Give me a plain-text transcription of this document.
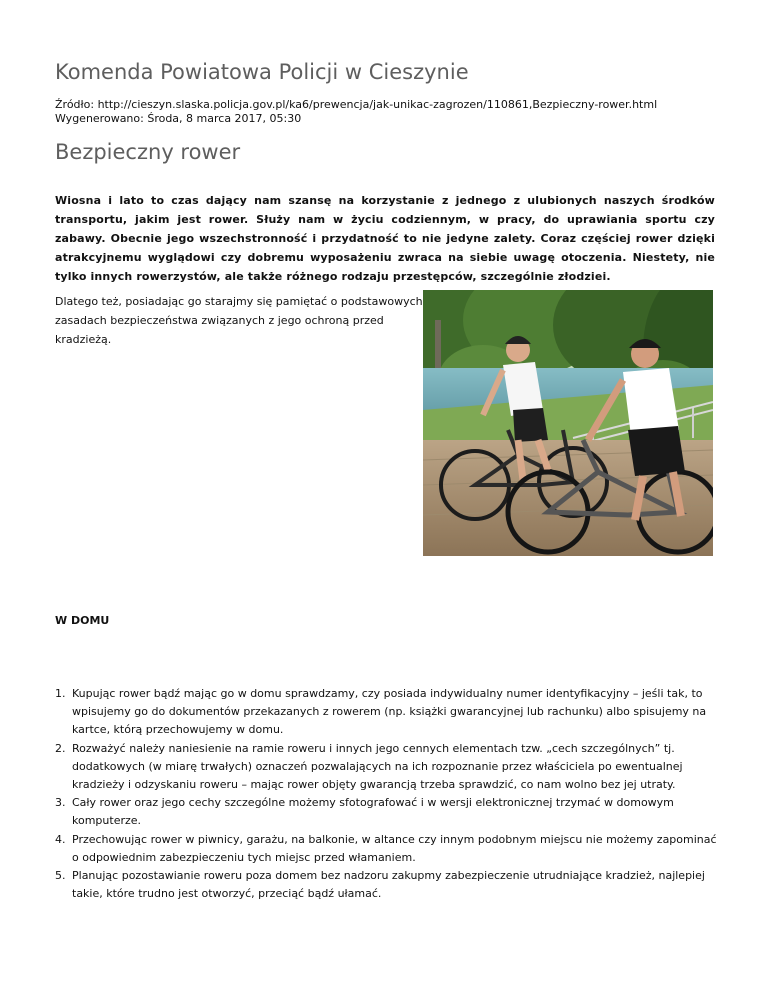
Komenda Powiatowa Policji w Cieszynie
Źródło: http://cieszyn.slaska.policja.gov.pl/ka6/prewencja/jak-unikac-zagrozen/110861,Bezpieczny-rower.html
Wygenerowano: Środa, 8 marca 2017, 05:30
Bezpieczny rower

Wiosna i lato to czas dający nam szansę na korzystanie z jednego z ulubionych naszych środków transportu, jakim jest rower. Służy nam w życiu codziennym, w pracy, do uprawiania sportu czy zabawy. Obecnie jego wszechstronność i przydatność to nie jedyne zalety. Coraz częściej rower dzięki atrakcyjnemu wyglądowi czy dobremu wyposażeniu zwraca na siebie uwagę otoczenia. Niestety, nie tylko innych rowerzystów, ale także różnego rodzaju przestępców, szczególnie złodziei.

Dlatego też, posiadając go starajmy się pamiętać o podstawowych zasadach bezpieczeństwa związanych z jego ochroną przed kradzieżą.

W DOMU
1. Kupując rower bądź mając go w domu sprawdzamy, czy posiada indywidualny numer identyfikacyjny – jeśli tak, to wpisujemy go do dokumentów przekazanych z rowerem (np. książki gwarancyjnej lub rachunku) albo spisujemy na kartce, którą przechowujemy w domu.
2. Rozważyć należy naniesienie na ramie roweru i innych jego cennych elementach tzw. „cech szczególnych” tj. dodatkowych (w miarę trwałych) oznaczeń pozwalających na ich rozpoznanie przez właściciela po ewentualnej kradzieży i odzyskaniu roweru – mając rower objęty gwarancją trzeba sprawdzić, co nam wolno bez jej utraty.
3. Cały rower oraz jego cechy szczególne możemy sfotografować i w wersji elektronicznej trzymać w domowym komputerze.
4. Przechowując rower w piwnicy, garażu, na balkonie, w altance czy innym podobnym miejscu nie możemy zapominać o odpowiednim zabezpieczeniu tych miejsc przed włamaniem.
5. Planując pozostawianie roweru poza domem bez nadzoru zakupmy zabezpieczenie utrudniające kradzież, najlepiej takie, które trudno jest otworzyć, przeciąć bądź ułamać.
